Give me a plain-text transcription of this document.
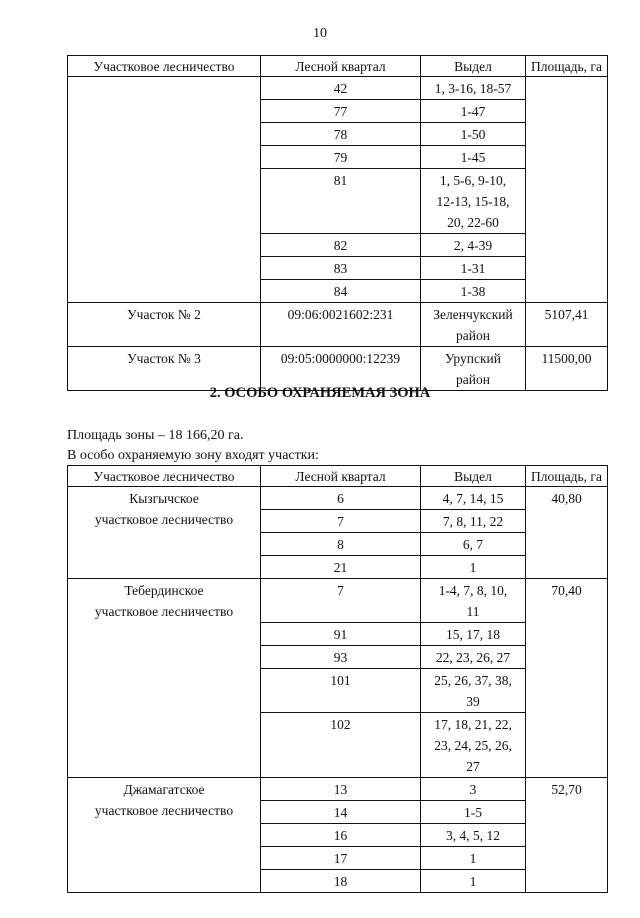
10
Участковое лесничество	Лесной квартал	Выдел	Площадь, га
	42	1, 3-16, 18-57	
	77	1-47	
	78	1-50	
	79	1-45	
	81	1, 5-6, 9-10,
12-13, 15-18,
20, 22-60	
	82	2, 4-39	
	83	1-31	
	84	1-38	
Участок № 2	09:06:0021602:231	Зеленчукский
район	5107,41
Участок № 3	09:05:0000000:12239	Урупский
район	11500,00
2. ОСОБО ОХРАНЯЕМАЯ ЗОНА
Площадь зоны – 18 166,20 га.
В особо охраняемую зону входят участки:
Участковое лесничество	Лесной квартал	Выдел	Площадь, га
Кызгычское
участковое лесничество	6	4, 7, 14, 15	40,80
	7	7, 8, 11, 22	
	8	6, 7	
	21	1	
Тебердинское
участковое лесничество	7	1-4, 7, 8, 10,
11	70,40
	91	15, 17, 18	
	93	22, 23, 26, 27	
	101	25, 26, 37, 38,
39	
	102	17, 18, 21, 22,
23, 24, 25, 26,
27	
Джамагатское
участковое лесничество	13	3	52,70
	14	1-5	
	16	3, 4, 5, 12	
	17	1	
	18	1	
